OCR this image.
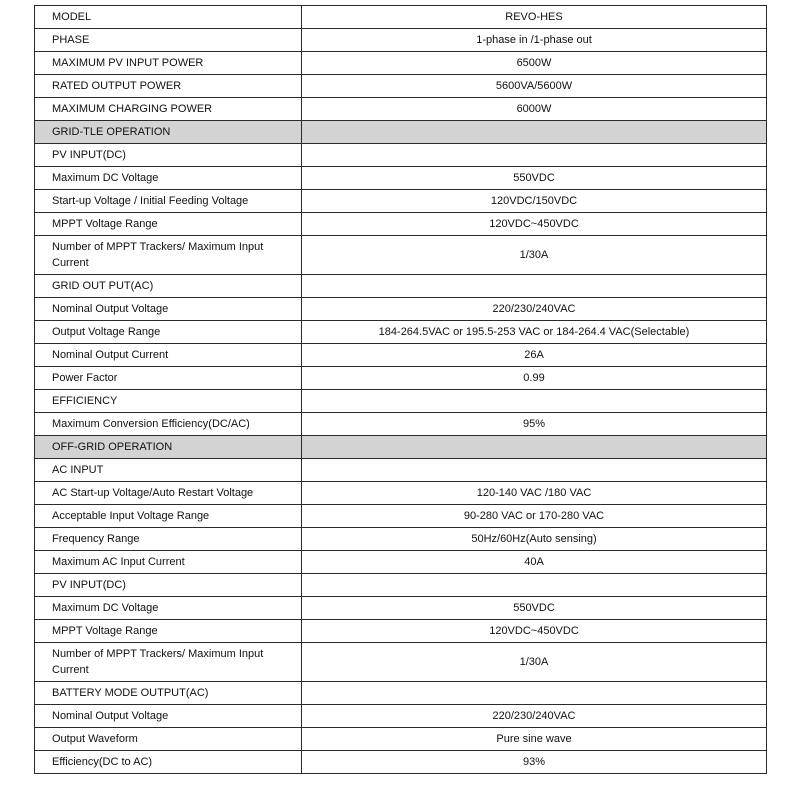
MODEL	REVO-HES
PHASE	1-phase in /1-phase out
MAXIMUM PV INPUT POWER	6500W
RATED OUTPUT POWER	5600VA/5600W
MAXIMUM CHARGING POWER	6000W
GRID-TLE OPERATION	
PV INPUT(DC)	
Maximum DC Voltage	550VDC
Start-up Voltage / Initial Feeding Voltage	120VDC/150VDC
MPPT Voltage Range	120VDC~450VDC
Number of MPPT Trackers/ Maximum Input Current	1/30A
GRID OUT PUT(AC)	
Nominal Output Voltage	220/230/240VAC
Output Voltage Range	184-264.5VAC or 195.5-253 VAC or 184-264.4 VAC(Selectable)
Nominal Output Current	26A
Power Factor	0.99
EFFICIENCY	
Maximum Conversion Efficiency(DC/AC)	95%
OFF-GRID OPERATION	
AC INPUT	
AC Start-up Voltage/Auto Restart Voltage	120-140 VAC /180 VAC
Acceptable Input Voltage Range	90-280 VAC or 170-280 VAC
Frequency Range	50Hz/60Hz(Auto sensing)
Maximum AC Input Current	40A
PV INPUT(DC)	
Maximum DC Voltage	550VDC
MPPT Voltage Range	120VDC~450VDC
Number of MPPT Trackers/ Maximum Input Current	1/30A
BATTERY MODE OUTPUT(AC)	
Nominal Output Voltage	220/230/240VAC
Output Waveform	Pure sine wave
Efficiency(DC to AC)	93%
